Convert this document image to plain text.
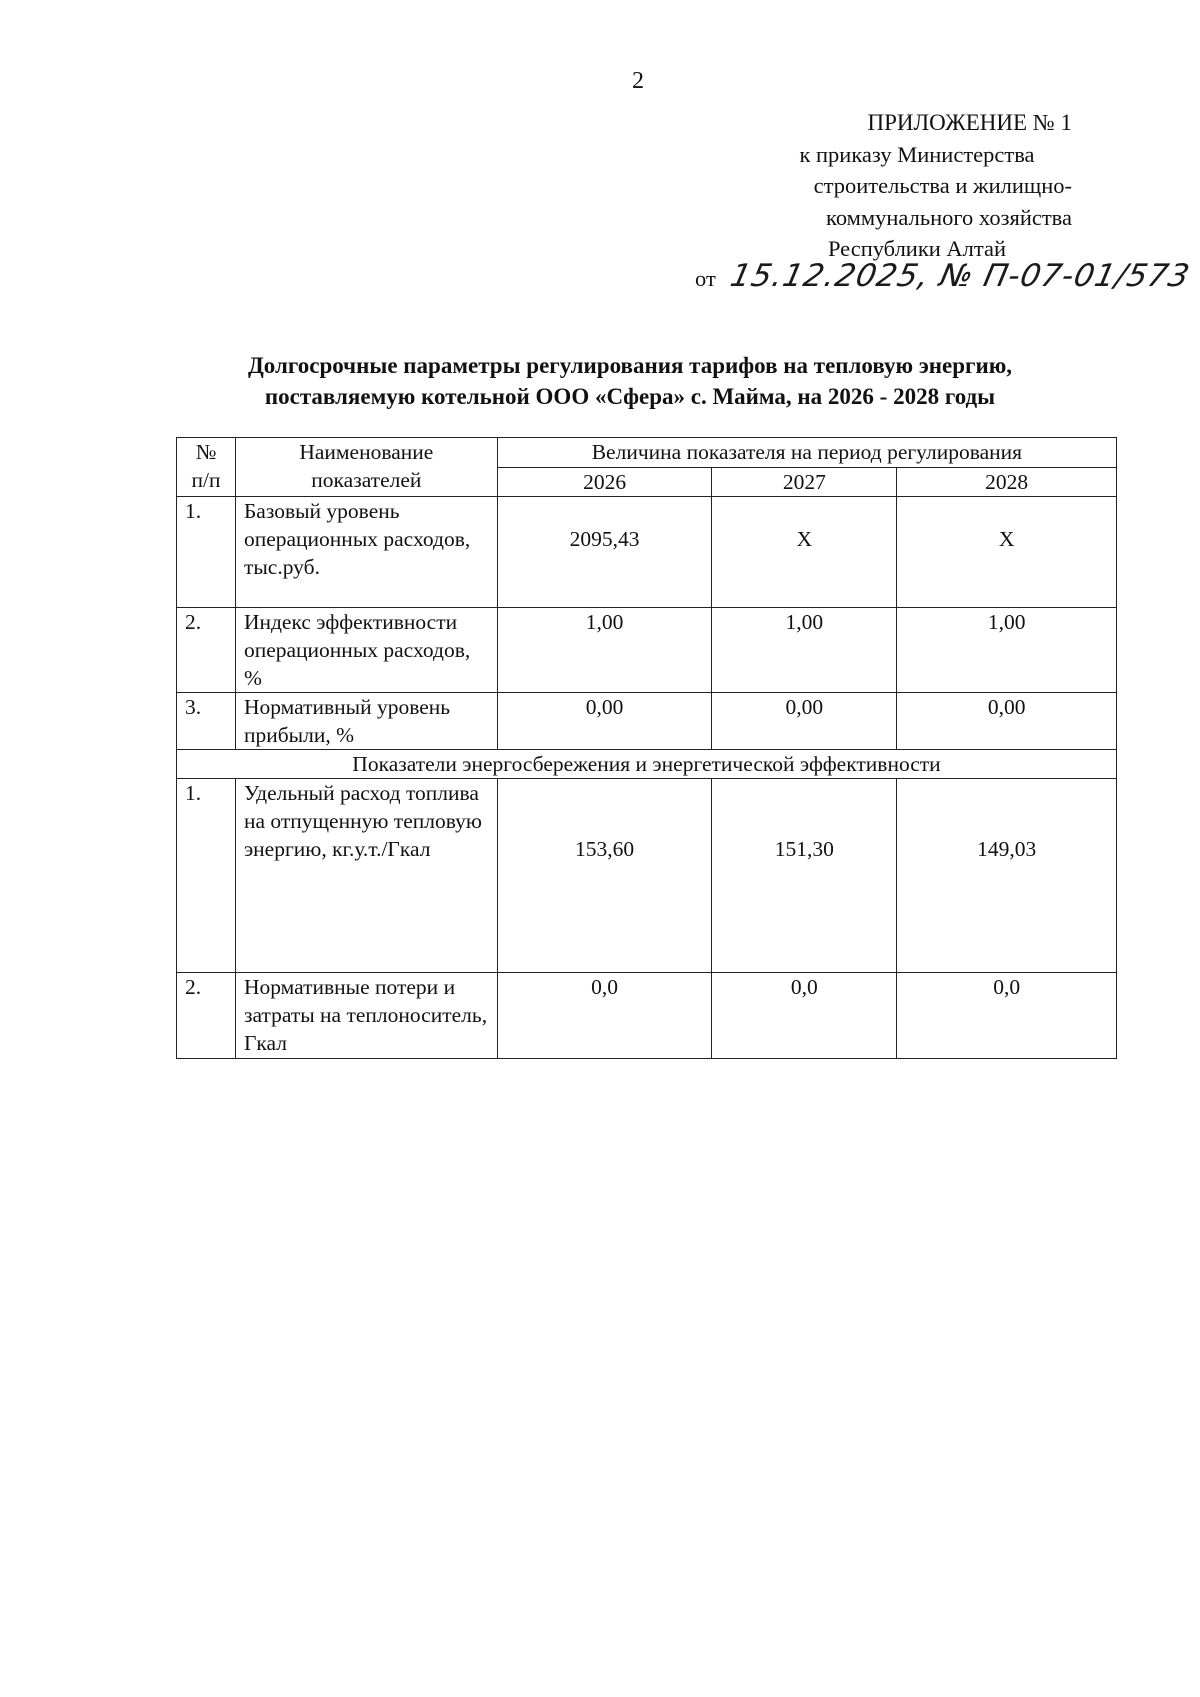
2
ПРИЛОЖЕНИЕ № 1
к приказу Министерства
строительства и жилищно-
коммунального хозяйства
Республики Алтай
от 15.12.2025, № П-07-01/573
Долгосрочные параметры регулирования тарифов на тепловую энергию,
поставляемую котельной ООО «Сфера» с. Майма, на 2026 - 2028 годы
№ п/п	Наименование показателей	Величина показателя на период регулирования		
		2026	2027	2028
1.	Базовый уровень операционных расходов, тыс.руб.	2095,43	Х	Х
2.	Индекс эффективности операционных расходов, %	1,00	1,00	1,00
3.	Нормативный уровень прибыли, %	0,00	0,00	0,00
Показатели энергосбережения и энергетической эффективности				
1.	Удельный расход топлива на отпущенную тепловую энергию, кг.у.т./Гкал	153,60	151,30	149,03
2.	Нормативные потери и затраты на теплоноситель, Гкал	0,0	0,0	0,0
